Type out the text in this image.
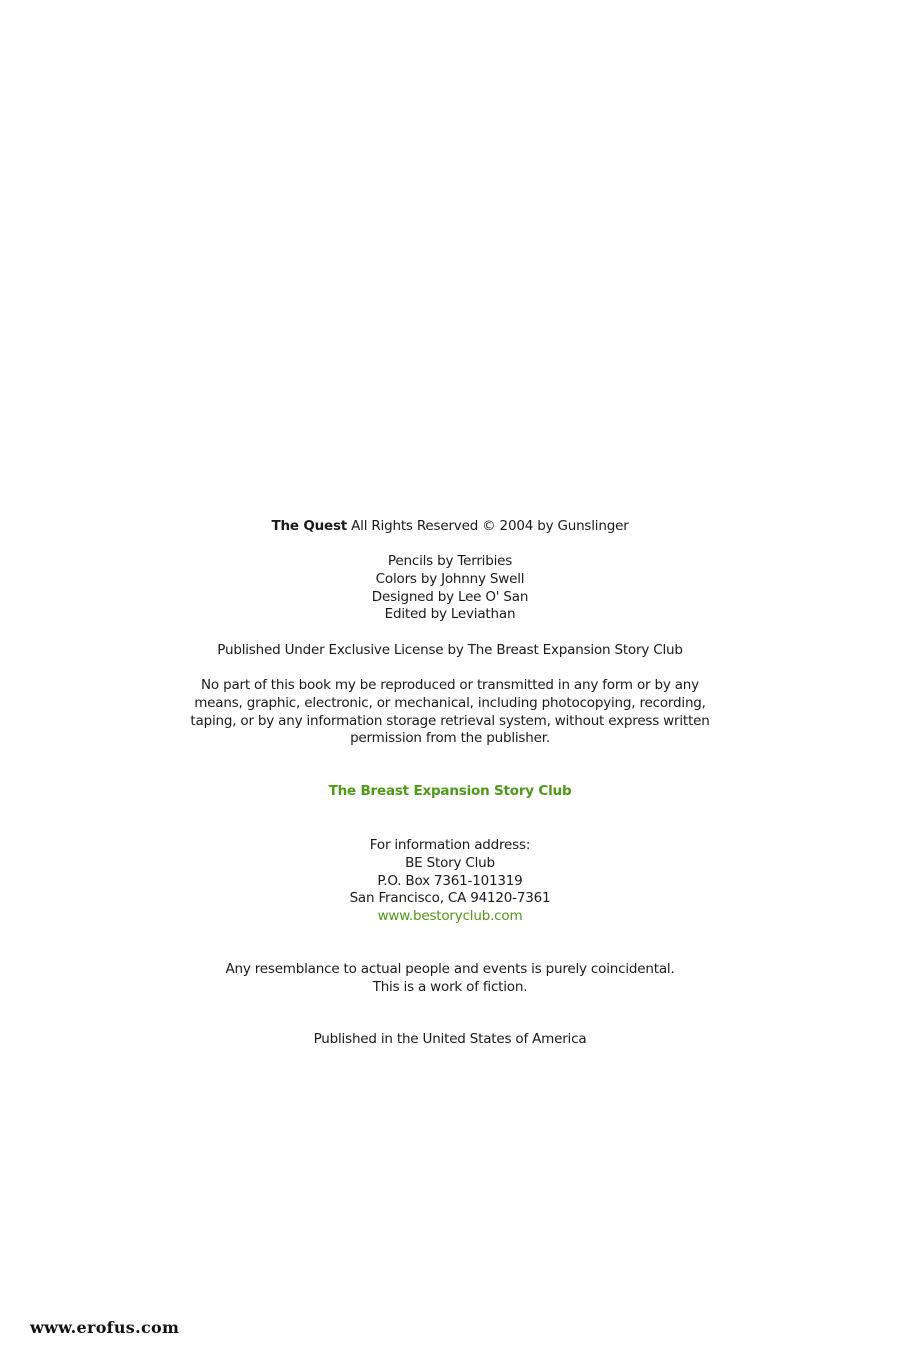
The Quest All Rights Reserved © 2004 by Gunslinger
Pencils by Terribies
Colors by Johnny Swell
Designed by Lee O' San
Edited by Leviathan
Published Under Exclusive License by The Breast Expansion Story Club
No part of this book my be reproduced or transmitted in any form or by any
means, graphic, electronic, or mechanical, including photocopying, recording,
taping, or by any information storage retrieval system, without express written
permission from the publisher.
The Breast Expansion Story Club
For information address:
BE Story Club
P.O. Box 7361-101319
San Francisco, CA 94120-7361
www.bestoryclub.com
Any resemblance to actual people and events is purely coincidental.
This is a work of fiction.
Published in the United States of America
www.erofus.com
